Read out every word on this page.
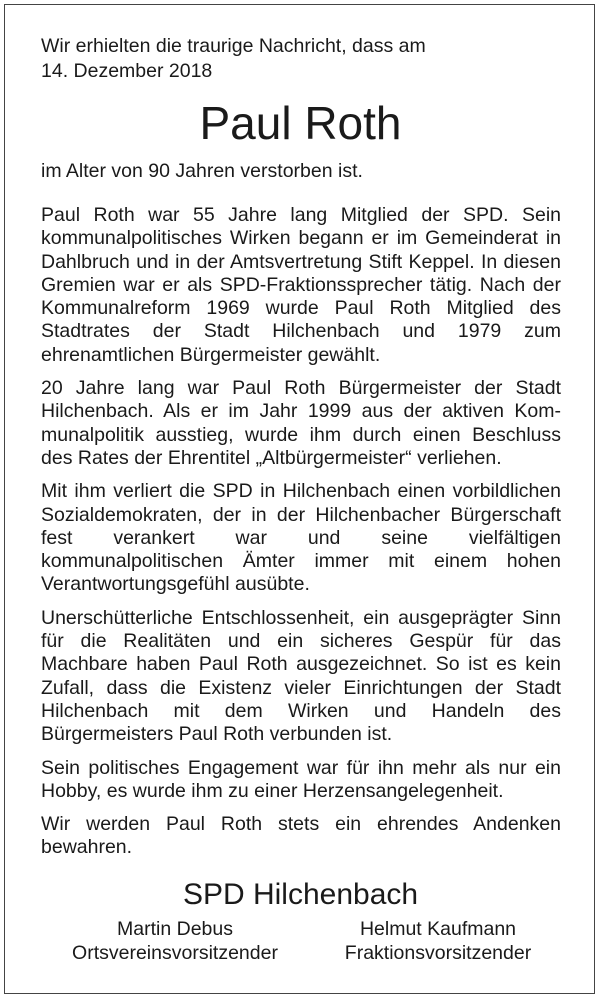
Wir erhielten die traurige Nachricht, dass am
14. Dezember 2018
Paul Roth
im Alter von 90 Jahren verstorben ist.

Paul Roth war 55 Jahre lang Mitglied der SPD. Sein kommunalpolitisches Wirken begann er im Gemeinderat in Dahlbruch und in der Amtsvertretung Stift Keppel. In diesen Gremien war er als SPD-Fraktionssprecher tätig. Nach der Kommunalreform 1969 wurde Paul Roth Mitglied des Stadtrates der Stadt Hilchenbach und 1979 zum ehrenamtlichen Bürgermeister gewählt.

20 Jahre lang war Paul Roth Bürgermeister der Stadt Hilchenbach. Als er im Jahr 1999 aus der aktiven Kommunalpolitik ausstieg, wurde ihm durch einen Beschluss des Rates der Ehrentitel „Altbürgermeister“ verliehen.

Mit ihm verliert die SPD in Hilchenbach einen vorbildlichen Sozialdemokraten, der in der Hilchenbacher Bürgerschaft fest verankert war und seine vielfältigen kommunalpolitischen Ämter immer mit einem hohen Verantwortungsgefühl ausübte.

Unerschütterliche Entschlossenheit, ein ausgeprägter Sinn für die Realitäten und ein sicheres Gespür für das Machbare haben Paul Roth ausgezeichnet. So ist es kein Zufall, dass die Existenz vieler Einrichtungen der Stadt Hilchenbach mit dem Wirken und Handeln des Bürgermeisters Paul Roth verbunden ist.

Sein politisches Engagement war für ihn mehr als nur ein Hobby, es wurde ihm zu einer Herzensangelegenheit.

Wir werden Paul Roth stets ein ehrendes Andenken bewahren.

SPD Hilchenbach
Martin Debus
Ortsvereinsvorsitzender
Helmut Kaufmann
Fraktionsvorsitzender
